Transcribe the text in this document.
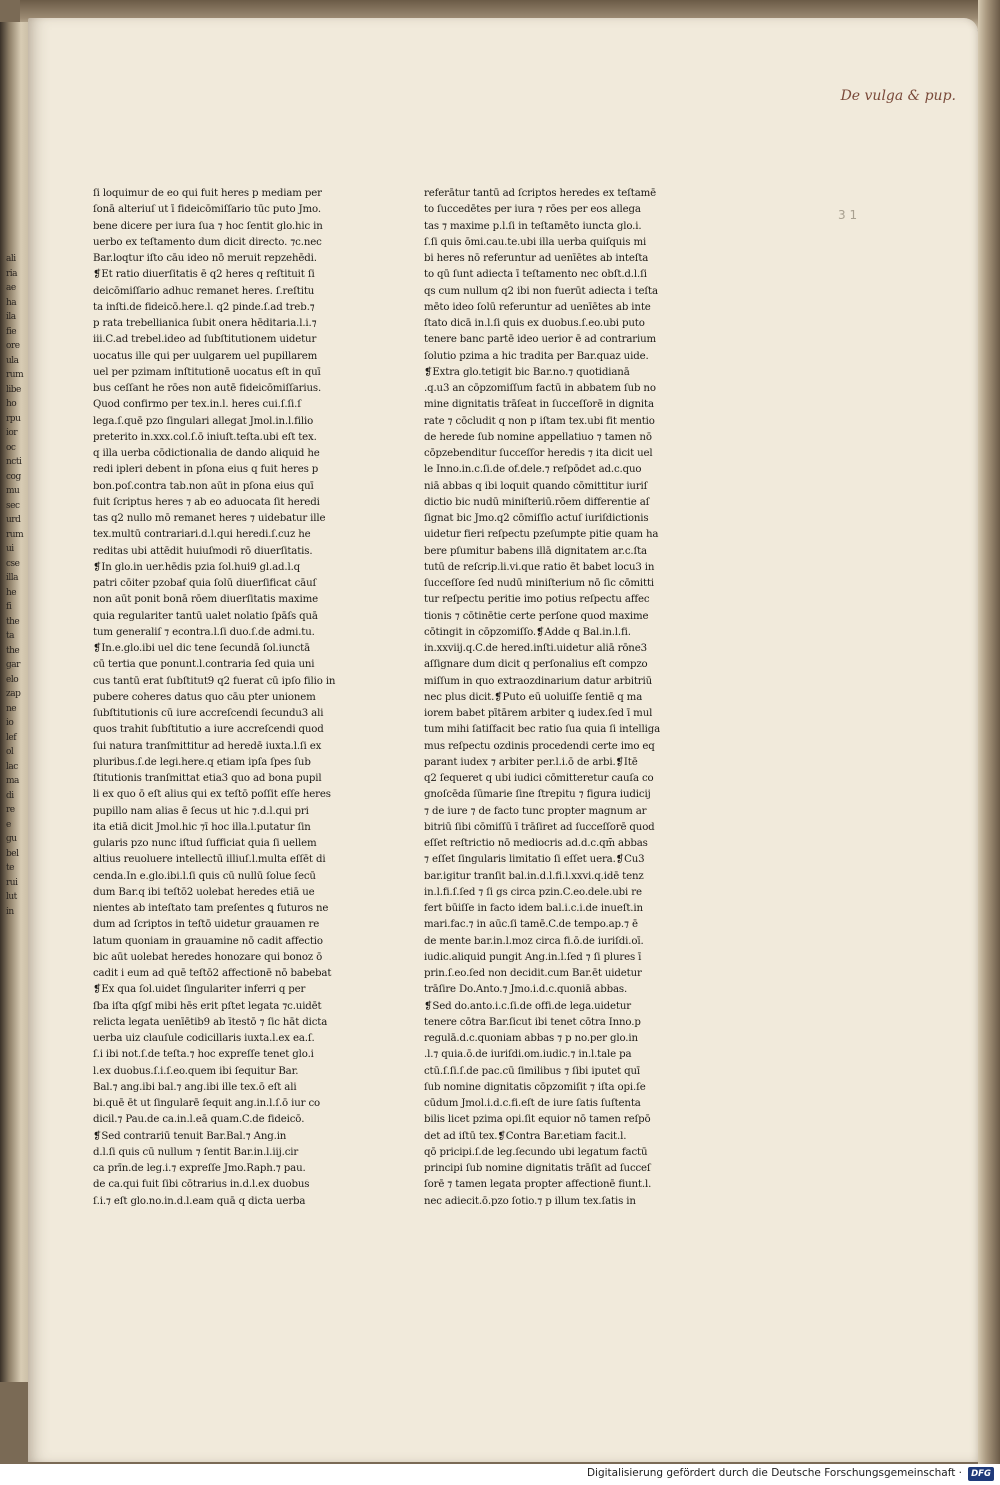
ali
ria
ae
ha
ila
fie
ore
ula
rum
libe
ho
rpu
ior
oc
ncti
cog
mu
sec
urd
rum
ui
cse
illa
he
fi
the
ta
the
gar
elo
zap
ne
io
lef
ol
lac
ma
di
re
e
gu
bel
te
rui
lut
in
De vulga & pup.
3 1
ſi loquimur de eo qui fuit heres p mediam per
ſonā alteriuſ ut ī fideicōmiſſario tūc puto Jmo.
bene dicere per iura ſua ⁊ hoc ſentit glo.hic in
uerbo ex teſtamento dum dicit directo. ⁊c.nec
Bar.loqtur iſto cāu ideo nō meruit repzehēdi.
❡Et ratio diuerſitatis ē q2 heres q reſtituit ſi
deicōmiſſario adhuc remanet heres. ſ.reſtitu
ta inſti.de fideicō.here.l. q2 pinde.ſ.ad treb.⁊
p rata trebellianica ſubit onera hēditaria.l.i.⁊
iii.C.ad trebel.ideo ad ſubſtitutionem uidetur
uocatus ille qui per uulgarem uel pupillarem
uel per pzimam inſtitutionē uocatus eſt in quī
bus ceſſant he rōes non autē fideicōmiſſarius.
Quod confirmo per tex.in.l. heres cui.ſ.ſi.ſ
lega.ſ.quē pzo ſingulari allegat Jmol.in.l.filio
preterito in.xxx.col.ſ.ō iniuſt.teſta.ubi eſt tex.
q illa uerba cōdictionalia de dando aliquid he
redi ipleri debent in pſona eius q fuit heres p
bon.poſ.contra tab.non aūt in pſona eius quī
fuit ſcriptus heres ⁊ ab eo aduocata ſit heredi
tas q2 nullo mō remanet heres ⁊ uidebatur ille
tex.multū contrariari.d.l.qui heredi.ſ.cuz he
reditas ubi attēdit huiuſmodi rō diuerſitatis.
❡In glo.in uer.hēdis pzia ſol.hui9 gl.ad.l.q
patri cōiter pzobaẜ quia ſolū diuerſificat cāuſ
non aūt ponit bonā rōem diuerſitatis maxime
quia regulariter tantū ualet nolatio ſpāſs quā
tum generaliſ ⁊ econtra.l.ſi duo.ſ.de admi.tu.
❡In.e.glo.ibi uel dic tene ſecundā ſol.iunctā
cū tertia que ponunt.l.contraria ſed quia uni
cus tantū erat ſubſtitut9 q2 fuerat cū ipſo filio in
pubere coheres datus quo cāu pter unionem
ſubſtitutionis cū iure accreſcendi ſecundu3 ali
quos trahit ſubſtitutio a iure accreſcendi quod
ſui natura tranſmittitur ad heredē iuxta.l.ſi ex
pluribus.ſ.de legi.here.q etiam ipſa ſpes ſub
ſtitutionis tranſmittat etia3 quo ad bona pupil
li ex quo ō eſt alius qui ex teſtō poſſit eſſe heres
pupillo nam alias ē ſecus ut hic ⁊.d.l.qui pri
ita etiā dicit Jmol.hic ⁊ī hoc illa.l.putatur ſin
gularis pzo nunc iſtud ſufficiat quia ſi uellem
altius reuoluere intellectū illiuſ.l.multa eſſēt di
cenda.In e.glo.ibi.l.ſi quis cū nullū ſolue ſecū
dum Bar.q ibi teſtō2 uolebat heredes etiā ue
nientes ab inteſtato tam preſentes ꝗ futuros ne
dum ad ſcriptos in teſtō uidetur grauamen re
latum quoniam in grauamine nō cadit affectio
bic aūt uolebat heredes honozare qui bonoz ō
cadit i eum ad quē teſtō2 affectionē nō babebat
❡Ex qua ſol.uidet ſingulariter inferri q per
ſba iſta qſgſ mibi hēs erit pſtet legata ⁊c.uidēt
relicta legata uenīētib9 ab ītestō ⁊ ſic hāt dicta
uerba uiz clauſule codicillaris iuxta.l.ex ea.ſ.
ſ.i ibi not.ſ.de teſta.⁊ hoc expreſſe tenet glo.i
l.ex duobus.ſ.i.ſ.eo.quem ibi ſequitur Bar.
Bal.⁊ ang.ibi bal.⁊ ang.ibi ille tex.ō eſt ali
bi.quē ēt ut ſingularē ſequit ang.in.l.ſ.ō iur co
dicil.⁊ Pau.de ca.in.l.eā quam.C.de fideicō.
❡Sed contrariū tenuit Bar.Bal.⁊ Ang.in
d.l.ſi quis cū nullum ⁊ ſentit Bar.in.l.iij.cir
ca prīn.de leg.i.⁊ expreſſe Jmo.Raph.⁊ pau.
de ca.qui fuit ſibi cōtrarius in.d.l.ex duobus
ſ.i.⁊ eſt glo.no.in.d.l.eam quā q dicta uerba
referātur tantū ad ſcriptos heredes ex teſtamē
to ſuccedētes per iura ⁊ rōes per eos allega
tas ⁊ maxime p.l.ſi in teſtamēto iuncta glo.i.
ſ.ſi quis ōmi.cau.te.ubi illa uerba quiſquis mi
bi heres nō referuntur ad uenīētes ab inteſta
to qū ſunt adiecta ī teſtamento nec obſt.d.l.ſi
qs cum nullum q2 ibi non fuerūt adiecta i teſta
mēto ideo ſolū referuntur ad uenīētes ab inte
ſtato dicā in.l.ſi quis ex duobus.ſ.eo.ubi puto
tenere banc partē ideo uerior ē ad contrarium
ſolutio pzima a hic tradita per Bar.quaz uide.
❡Extra glo.tetigit bic Bar.no.⁊ quotidianā
.q.u3 an cōpzomiſſum factū in abbatem ſub no
mine dignitatis trāſeat in ſucceſſorē in dignita
rate ⁊ cōcludit q non p iſtam tex.ubi fit mentio
de herede ſub nomine appellatiuo ⁊ tamen nō
cōpzebenditur ſucceſſor heredis ⁊ ita dicit uel
le Inno.in.c.ſi.de of.dele.⁊ reſpōdet ad.c.quo
niā abbas q ibi loquit quando cōmittitur iuriſ
dictio bic nudū miniſteriū.rōem differentie aſ
ſignat bic Jmo.q2 cōmiſſio actuſ iuriſdictionis
uidetur fieri reſpectu pzeſumpte pitie quam ha
bere pſumitur babens illā dignitatem ar.c.ſta
tutū de reſcrip.li.vi.que ratio ēt babet locu3 in
ſucceſſore ſed nudū miniſterium nō ſic cōmitti
tur reſpectu peritie imo potius reſpectu affec
tionis ⁊ cōtinētie certe perſone quod maxime
cōtingit in cōpzomiſſo.❡Adde q Bal.in.l.fi.
in.xxviij.q.C.de hered.inſti.uidetur aliā rōne3
aſſignare dum dicit q perſonalius eſt compzo
miſſum in quo extraozdinarium datur arbitriū
nec plus dicit.❡Puto eū uoluiſſe ſentiē q ma
iorem babet pītārem arbiter ꝗ iudex.ſed ī mul
tum mihi ſatiſfacit bec ratio ſua quia ſi intelliga
mus reſpectu ozdinis procedendi certe imo eq
parant iudex ⁊ arbiter per.l.i.ō de arbi.❡Itē
q2 ſequeret q ubi iudici cōmitteretur cauſa co
gnoſcēda ſūmarie ſine ſtrepitu ⁊ figura iudicij
⁊ de iure ⁊ de facto tunc propter magnum ar
bitriū ſibi cōmiſſū ī trāſiret ad ſucceſſorē quod
eſſet reſtrictio nō mediocris ad.d.c.qm̄ abbas
⁊ eſſet ſingularis limitatio ſi eſſet uera.❡Cu3
bar.igitur tranſit bal.in.d.l.fi.l.xxvi.q.idē tenz
in.l.fi.ſ.ſed ⁊ ſi gs circa pzin.C.eo.dele.ubi re
fert būiſſe in facto idem bal.i.c.i.de inueſt.in
mari.fac.⁊ in aūc.ſi tamē.C.de tempo.ap.⁊ ē
de mente bar.in.l.moz circa fi.ō.de iuriſdi.oī.
iudic.aliquid pungit Ang.in.l.ſed ⁊ ſi plures ī
prin.ſ.eo.ſed non decidit.cum Bar.ēt uidetur
trāſire Do.Anto.⁊ Jmo.i.d.c.quoniā abbas.
❡Sed do.anto.i.c.ſi.de offi.de lega.uidetur
tenere cōtra Bar.ſicut ibi tenet cōtra Inno.p
regulā.d.c.quoniam abbas ⁊ p no.per glo.in
.l.⁊ quia.ō.de iuriſdi.om.iudic.⁊ in.l.tale pa
ctū.ſ.ſi.ſ.de pac.cū ſimilibus ⁊ ſibi iputet quī
ſub nomine dignitatis cōpzomiſit ⁊ iſta opi.ſe
cūdum Jmol.i.d.c.fi.eſt de iure ſatis ſuſtenta
bilis licet pzima opi.ſit equior nō tamen reſpō
det ad iſtū tex.❡Contra Bar.etiam facit.l.
qō pricipi.ſ.de leg.ſecundo ubi legatum factū
principi ſub nomine dignitatis trāſit ad ſucceſ
ſorē ⁊ tamen legata propter affectionē fiunt.l.
nec adiecit.ō.pzo ſotio.⁊ p illum tex.ſatis in
Digitalisierung gefördert durch die Deutsche Forschungsgemeinschaft ·	DFG
